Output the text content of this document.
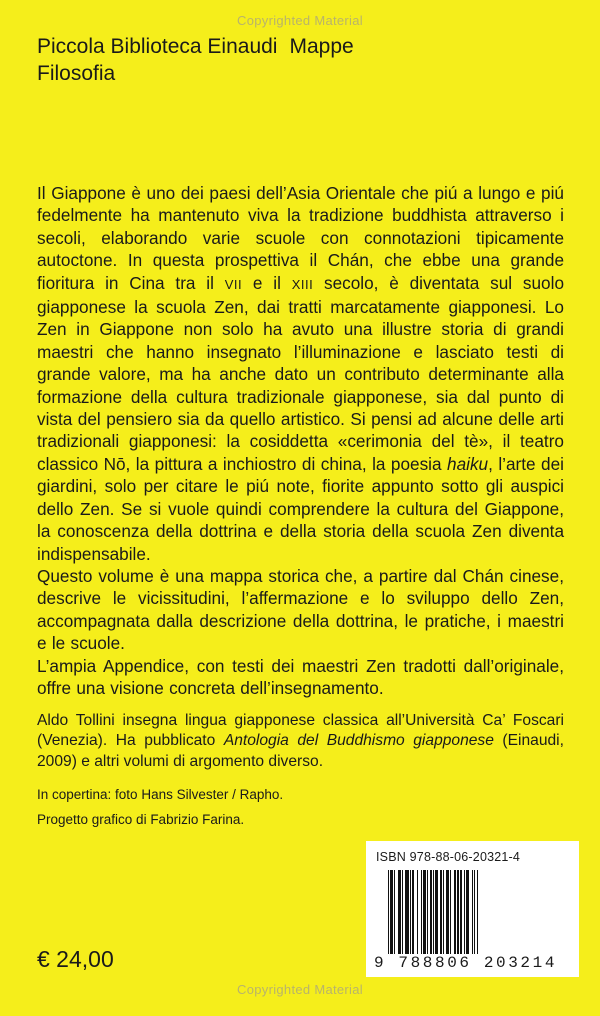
Copyrighted Material
Piccola Biblioteca Einaudi Mappe
Filosofia

Il Giappone è uno dei paesi dell’Asia Orientale che piú a lungo e piú fedelmente ha mantenuto viva la tradizione buddhista attraverso i secoli, elaborando varie scuole con connotazioni tipicamente autoctone. In questa prospettiva il Chán, che ebbe una grande fioritura in Cina tra il VII e il XIII secolo, è diventata sul suolo giapponese la scuola Zen, dai tratti marcatamente giapponesi. Lo Zen in Giappone non solo ha avuto una illustre storia di grandi maestri che hanno insegnato l’illuminazione e lasciato testi di grande valore, ma ha anche dato un contributo determinante alla formazione della cultura tradizionale giapponese, sia dal punto di vista del pensiero sia da quello artistico. Si pensi ad alcune delle arti tradizionali giapponesi: la cosiddetta «cerimonia del tè», il teatro classico Nō, la pittura a inchiostro di china, la poesia haiku, l’arte dei giardini, solo per citare le piú note, fiorite appunto sotto gli auspici dello Zen. Se si vuole quindi comprendere la cultura del Giappone, la conoscenza della dottrina e della storia della scuola Zen diventa indispensabile.

Questo volume è una mappa storica che, a partire dal Chán cinese, descrive le vicissitudini, l’affermazione e lo sviluppo dello Zen, accompagnata dalla descrizione della dottrina, le pratiche, i maestri e le scuole.

L’ampia Appendice, con testi dei maestri Zen tradotti dall’originale, offre una visione concreta dell’insegnamento.

Aldo Tollini insegna lingua giapponese classica all’Università Ca’ Foscari (Venezia). Ha pubblicato Antologia del Buddhismo giapponese (Einaudi, 2009) e altri volumi di argomento diverso.
In copertina: foto Hans Silvester / Rapho.
Progetto grafico di Fabrizio Farina.
€ 24,00
ISBN 978-88-06-20321-4
9 788806 203214
Copyrighted Material
